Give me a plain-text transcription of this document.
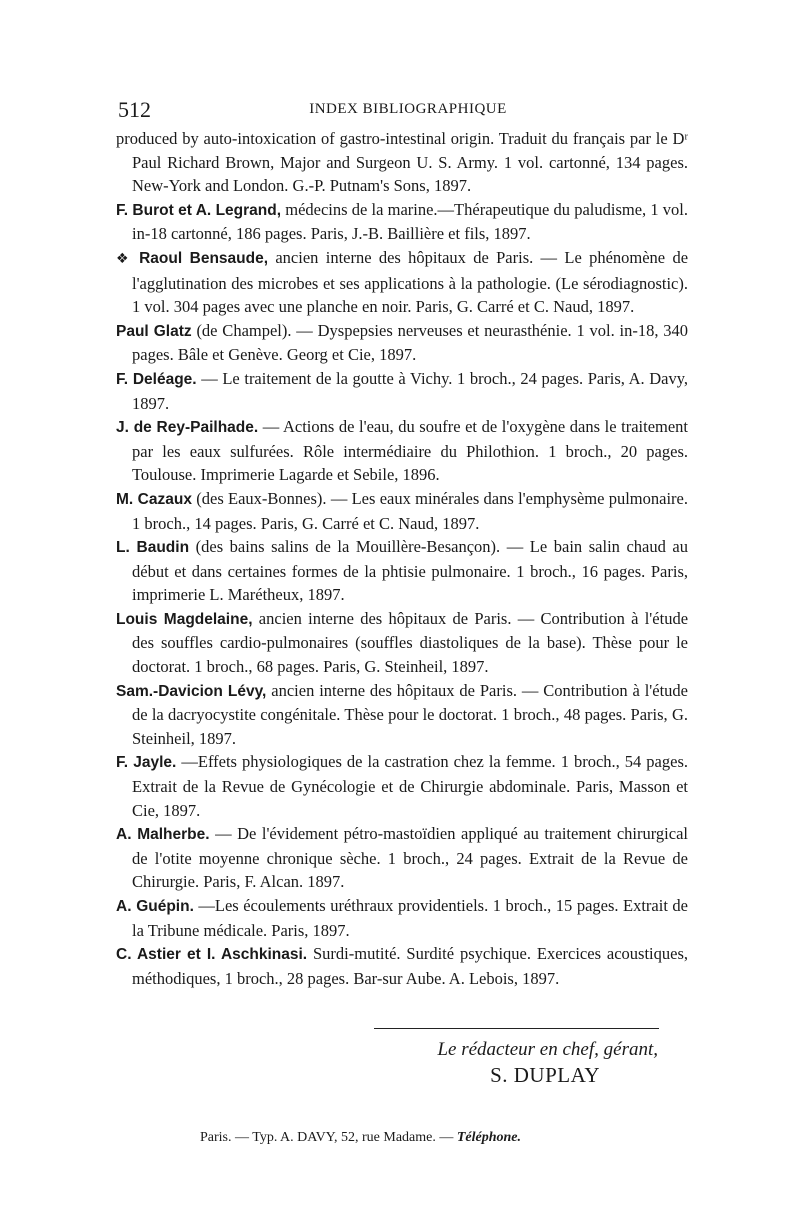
512	INDEX BIBLIOGRAPHIQUE

produced by auto-intoxication of gastro-intestinal origin. Traduit du français par le Dʳ Paul Richard Brown, Major and Surgeon U. S. Army. 1 vol. cartonné, 134 pages. New-York and London. G.-P. Putnam's Sons, 1897.

F. Burot et A. Legrand, médecins de la marine.—Thérapeutique du paludisme, 1 vol. in-18 cartonné, 186 pages. Paris, J.-B. Baillière et fils, 1897.

❖ Raoul Bensaude, ancien interne des hôpitaux de Paris. — Le phénomène de l'agglutination des microbes et ses applications à la pathologie. (Le sérodiagnostic). 1 vol. 304 pages avec une planche en noir. Paris, G. Carré et C. Naud, 1897.

Paul Glatz (de Champel). — Dyspepsies nerveuses et neurasthénie. 1 vol. in-18, 340 pages. Bâle et Genève. Georg et Cie, 1897.

F. Deléage. — Le traitement de la goutte à Vichy. 1 broch., 24 pages. Paris, A. Davy, 1897.

J. de Rey-Pailhade. — Actions de l'eau, du soufre et de l'oxygène dans le traitement par les eaux sulfurées. Rôle intermédiaire du Philothion. 1 broch., 20 pages. Toulouse. Imprimerie Lagarde et Sebile, 1896.

M. Cazaux (des Eaux-Bonnes). — Les eaux minérales dans l'emphysème pulmonaire. 1 broch., 14 pages. Paris, G. Carré et C. Naud, 1897.

L. Baudin (des bains salins de la Mouillère-Besançon). — Le bain salin chaud au début et dans certaines formes de la phtisie pulmonaire. 1 broch., 16 pages. Paris, imprimerie L. Marétheux, 1897.

Louis Magdelaine, ancien interne des hôpitaux de Paris. — Contribution à l'étude des souffles cardio-pulmonaires (souffles diastoliques de la base). Thèse pour le doctorat. 1 broch., 68 pages. Paris, G. Steinheil, 1897.

Sam.-Davicion Lévy, ancien interne des hôpitaux de Paris. — Contribution à l'étude de la dacryocystite congénitale. Thèse pour le doctorat. 1 broch., 48 pages. Paris, G. Steinheil, 1897.

F. Jayle. —Effets physiologiques de la castration chez la femme. 1 broch., 54 pages. Extrait de la Revue de Gynécologie et de Chirurgie abdominale. Paris, Masson et Cie, 1897.

A. Malherbe. — De l'évidement pétro-mastoïdien appliqué au traitement chirurgical de l'otite moyenne chronique sèche. 1 broch., 24 pages. Extrait de la Revue de Chirurgie. Paris, F. Alcan. 1897.

A. Guépin. —Les écoulements uréthraux providentiels. 1 broch., 15 pages. Extrait de la Tribune médicale. Paris, 1897.

C. Astier et I. Aschkinasi. Surdi-mutité. Surdité psychique. Exercices acoustiques, méthodiques, 1 broch., 28 pages. Bar-sur Aube. A. Lebois, 1897.

Le rédacteur en chef, gérant,
S. DUPLAY
Paris. — Typ. A. DAVY, 52, rue Madame. — Téléphone.
